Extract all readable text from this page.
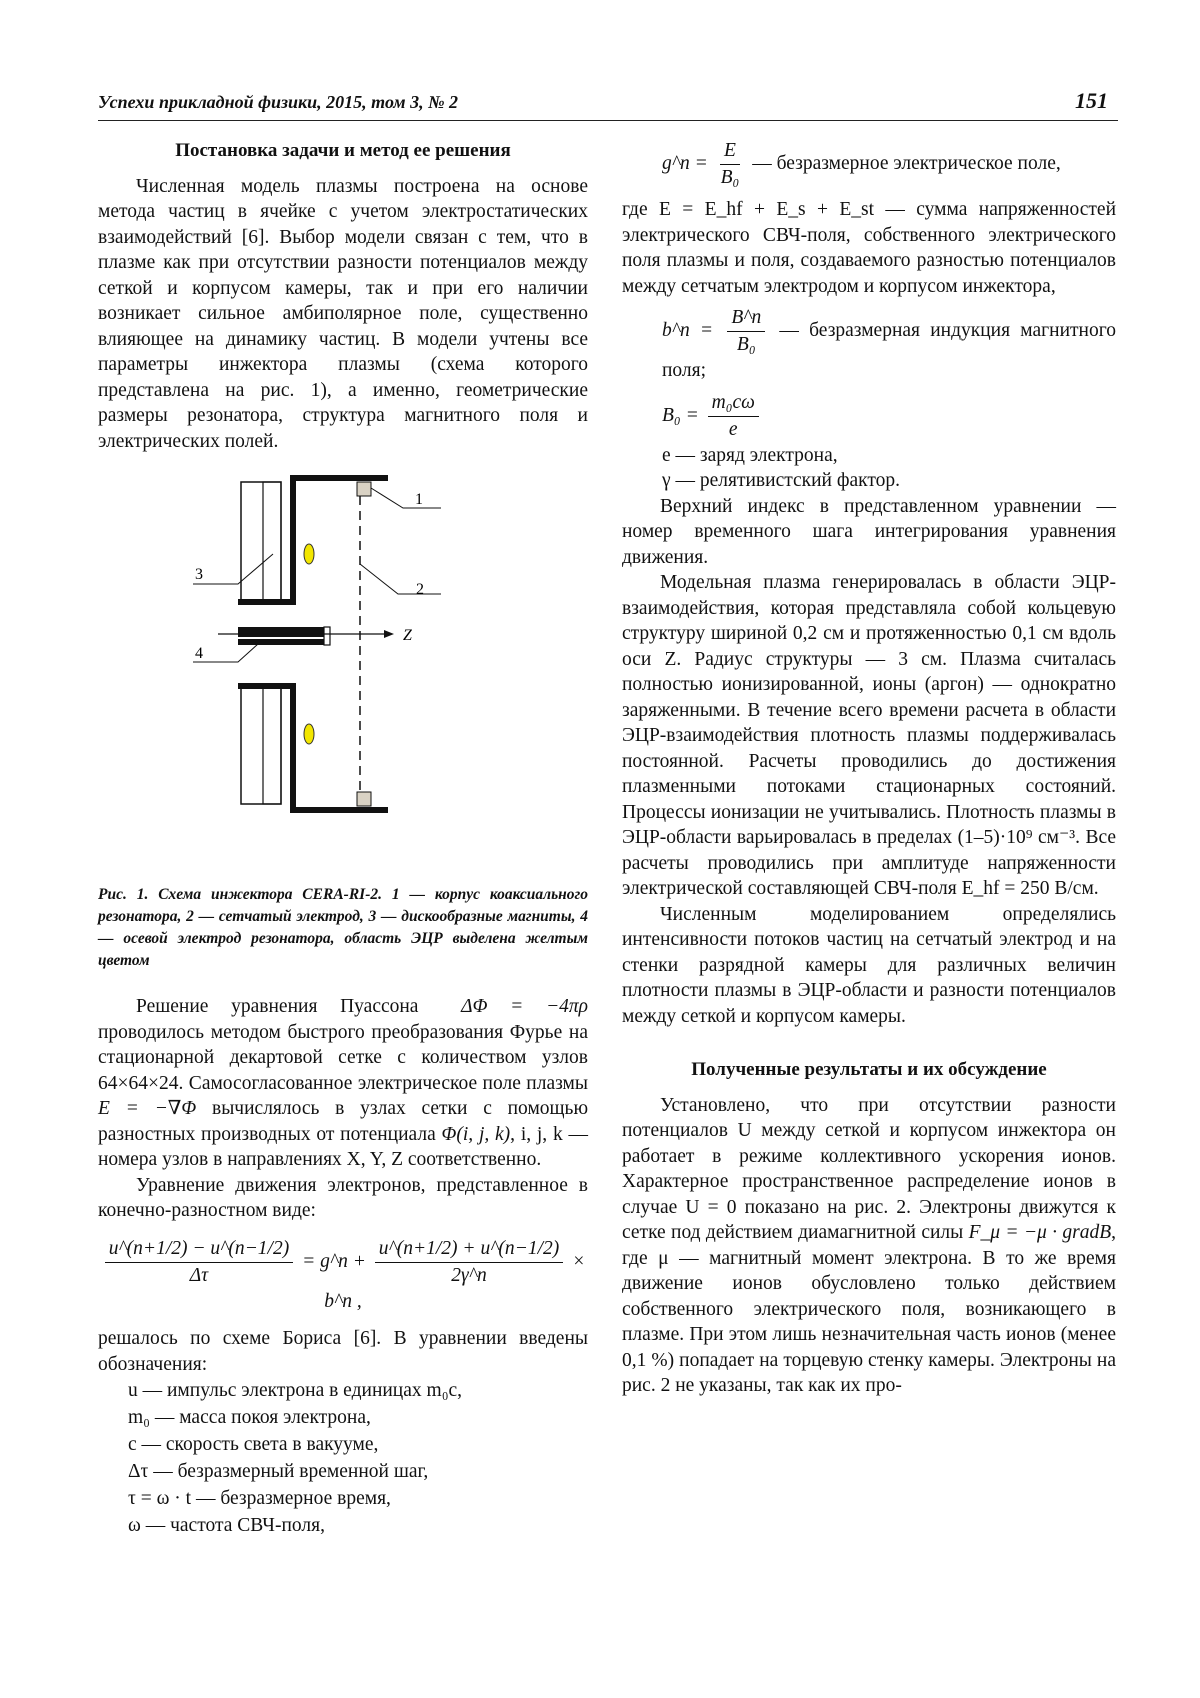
Успехи прикладной физики, 2015, том 3, № 2	151
Постановка задачи и метод ее решения

Численная модель плазмы построена на основе метода частиц в ячейке с учетом электростатических взаимодействий [6]. Выбор модели связан с тем, что в плазме как при отсутствии разности потенциалов между сеткой и корпусом камеры, так и при его наличии возникает сильное амбиполярное поле, существенно влияющее на динамику частиц. В модели учтены все параметры инжектора плазмы (схема которого представлена на рис. 1), а именно, геометрические размеры резонатора, структура магнитного поля и электрических полей.

Z
1
2
3
4
Рис. 1. Схема инжектора CERA-RI-2. 1 — корпус коаксиального резонатора, 2 — сетчатый электрод, 3 — дискообразные магниты, 4 — осевой электрод резонатора, область ЭЦР выделена желтым цветом

Решение уравнения Пуассона ΔΦ = −4πρ проводилось методом быстрого преобразования Фурье на стационарной декартовой сетке с количеством узлов 64×64×24. Самосогласованное электрическое поле плазмы E = −∇Φ вычислялось в узлах сетки с помощью разностных производных от потенциала Φ(i, j, k), i, j, k — номера узлов в направлениях X, Y, Z соответственно.

Уравнение движения электронов, представленное в конечно-разностном виде:

$\frac{u\^{}(n+1/2) - u\^{}(n-1/2)}{\Delta\tau}$ = g^n + $\frac{u\^{}(n+1/2) + u\^{}(n-1/2)}{2\gamma\^{}n}$ × b^n ,

решалось по схеме Бориса [6]. В уравнении введены обозначения:

u — импульс электрона в единицах m₀c,
m₀ — масса покоя электрона,
c — скорость света в вакууме,
Δτ — безразмерный временной шаг,
τ = ω · t — безразмерное время,
ω — частота СВЧ-поля,
g^n = $\frac{E}{\text{B₀}}$ — безразмерное электрическое поле,

где E = E_hf + E_s + E_st — сумма напряженностей электрического СВЧ-поля, собственного электрического поля плазмы и поля, создаваемого разностью потенциалов между сетчатым электродом и корпусом инжектора,

b^n = $\frac{B\^{}n}{\text{B₀}}$ — безразмерная индукция магнитного поля;
$B_0 = \frac{\text{m₀cω}}{e}$
e — заряд электрона,
γ — релятивистский фактор.

Верхний индекс в представленном уравнении — номер временного шага интегрирования уравнения движения.

Модельная плазма генерировалась в области ЭЦР-взаимодействия, которая представляла собой кольцевую структуру шириной 0,2 см и протяженностью 0,1 см вдоль оси Z. Радиус структуры — 3 см. Плазма считалась полностью ионизированной, ионы (аргон) — однократно заряженными. В течение всего времени расчета в области ЭЦР-взаимодействия плотность плазмы поддерживалась постоянной. Расчеты проводились до достижения плазменными потоками стационарных состояний. Процессы ионизации не учитывались. Плотность плазмы в ЭЦР-области варьировалась в пределах (1–5)·10⁹ см⁻³. Все расчеты проводились при амплитуде напряженности электрической составляющей СВЧ-поля E_hf = 250 В/см.

Численным моделированием определялись интенсивности потоков частиц на сетчатый электрод и на стенки разрядной камеры для различных величин плотности плазмы в ЭЦР-области и разности потенциалов между сеткой и корпусом камеры.

Полученные результаты и их обсуждение

Установлено, что при отсутствии разности потенциалов U между сеткой и корпусом инжектора он работает в режиме коллективного ускорения ионов. Характерное пространственное распределение ионов в случае U = 0 показано на рис. 2. Электроны движутся к сетке под действием диамагнитной силы F_μ = −μ · gradB, где μ — магнитный момент электрона. В то же время движение ионов обусловлено только действием собственного электрического поля, возникающего в плазме. При этом лишь незначительная часть ионов (менее 0,1 %) попадает на торцевую стенку камеры. Электроны на рис. 2 не указаны, так как их про-
